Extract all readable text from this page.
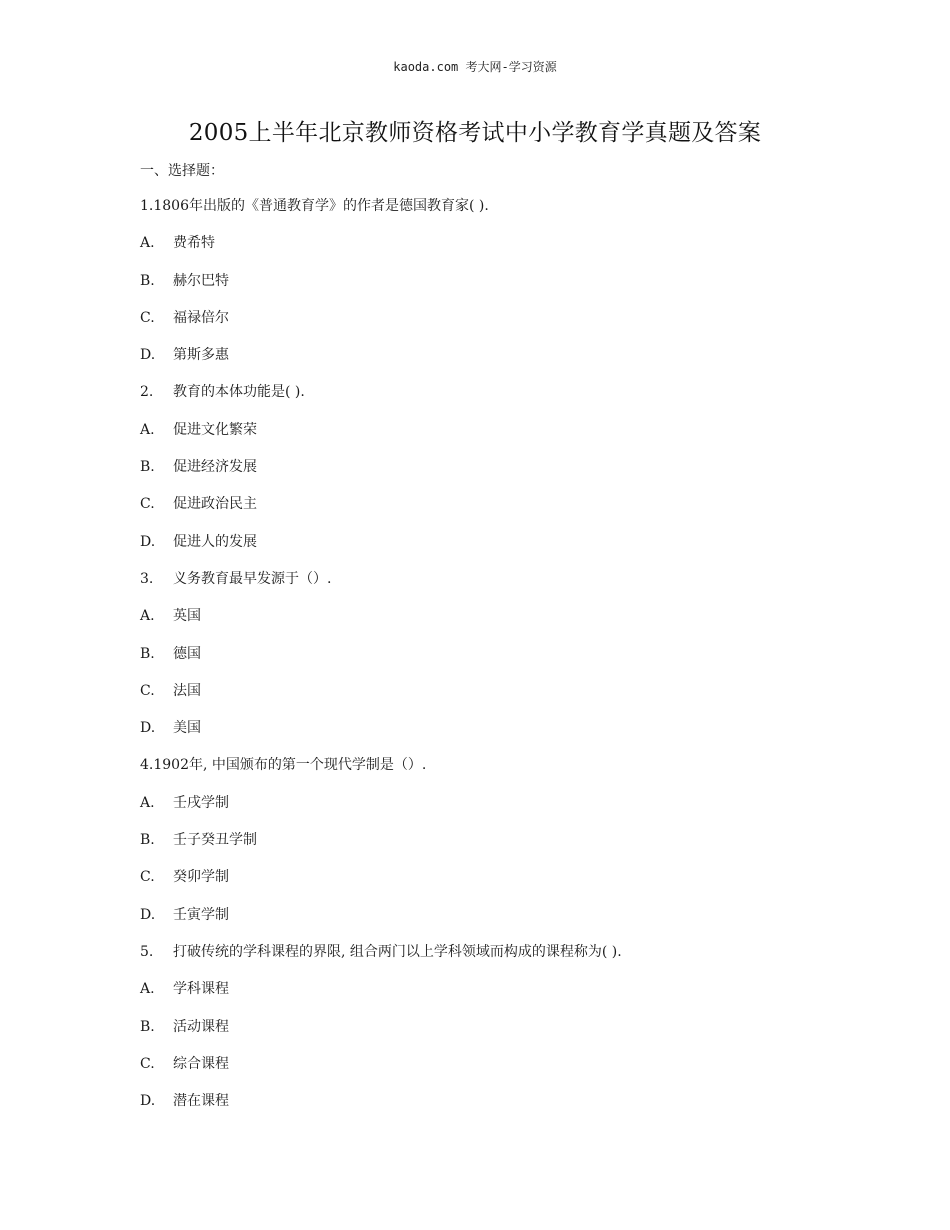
kaoda.com 考大网-学习资源
2005上半年北京教师资格考试中小学教育学真题及答案
一、选择题：
1.1806年出版的《普通教育学》的作者是德国教育家( ).
A. 费希特
B. 赫尔巴特
C. 福禄倍尔
D. 第斯多惠
2. 教育的本体功能是( ).
A. 促进文化繁荣
B. 促进经济发展
C. 促进政治民主
D. 促进人的发展
3. 义务教育最早发源于（）.
A. 英国
B. 德国
C. 法国
D. 美国
4.1902年, 中国颁布的第一个现代学制是（）.
A. 壬戌学制
B. 壬子癸丑学制
C. 癸卯学制
D. 壬寅学制
5. 打破传统的学科课程的界限, 组合两门以上学科领域而构成的课程称为( ).
A. 学科课程
B. 活动课程
C. 综合课程
D. 潜在课程
